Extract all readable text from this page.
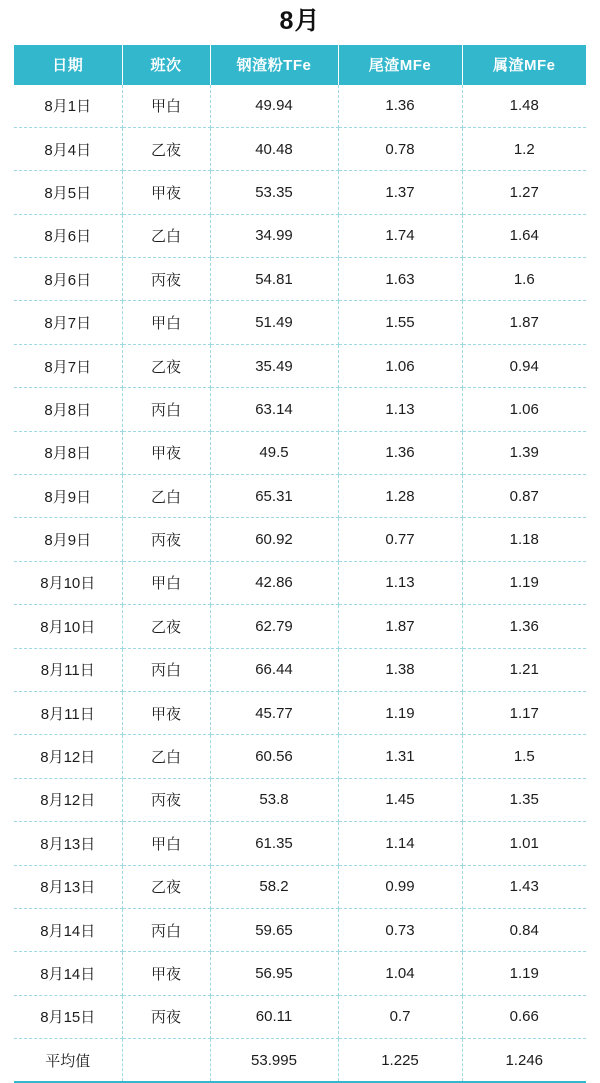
8月
日期	班次	钢渣粉TFe	尾渣MFe	属渣MFe
8月1日	甲白	49.94	1.36	1.48
8月4日	乙夜	40.48	0.78	1.2
8月5日	甲夜	53.35	1.37	1.27
8月6日	乙白	34.99	1.74	1.64
8月6日	丙夜	54.81	1.63	1.6
8月7日	甲白	51.49	1.55	1.87
8月7日	乙夜	35.49	1.06	0.94
8月8日	丙白	63.14	1.13	1.06
8月8日	甲夜	49.5	1.36	1.39
8月9日	乙白	65.31	1.28	0.87
8月9日	丙夜	60.92	0.77	1.18
8月10日	甲白	42.86	1.13	1.19
8月10日	乙夜	62.79	1.87	1.36
8月11日	丙白	66.44	1.38	1.21
8月11日	甲夜	45.77	1.19	1.17
8月12日	乙白	60.56	1.31	1.5
8月12日	丙夜	53.8	1.45	1.35
8月13日	甲白	61.35	1.14	1.01
8月13日	乙夜	58.2	0.99	1.43
8月14日	丙白	59.65	0.73	0.84
8月14日	甲夜	56.95	1.04	1.19
8月15日	丙夜	60.11	0.7	0.66
平均值		53.995	1.225	1.246
